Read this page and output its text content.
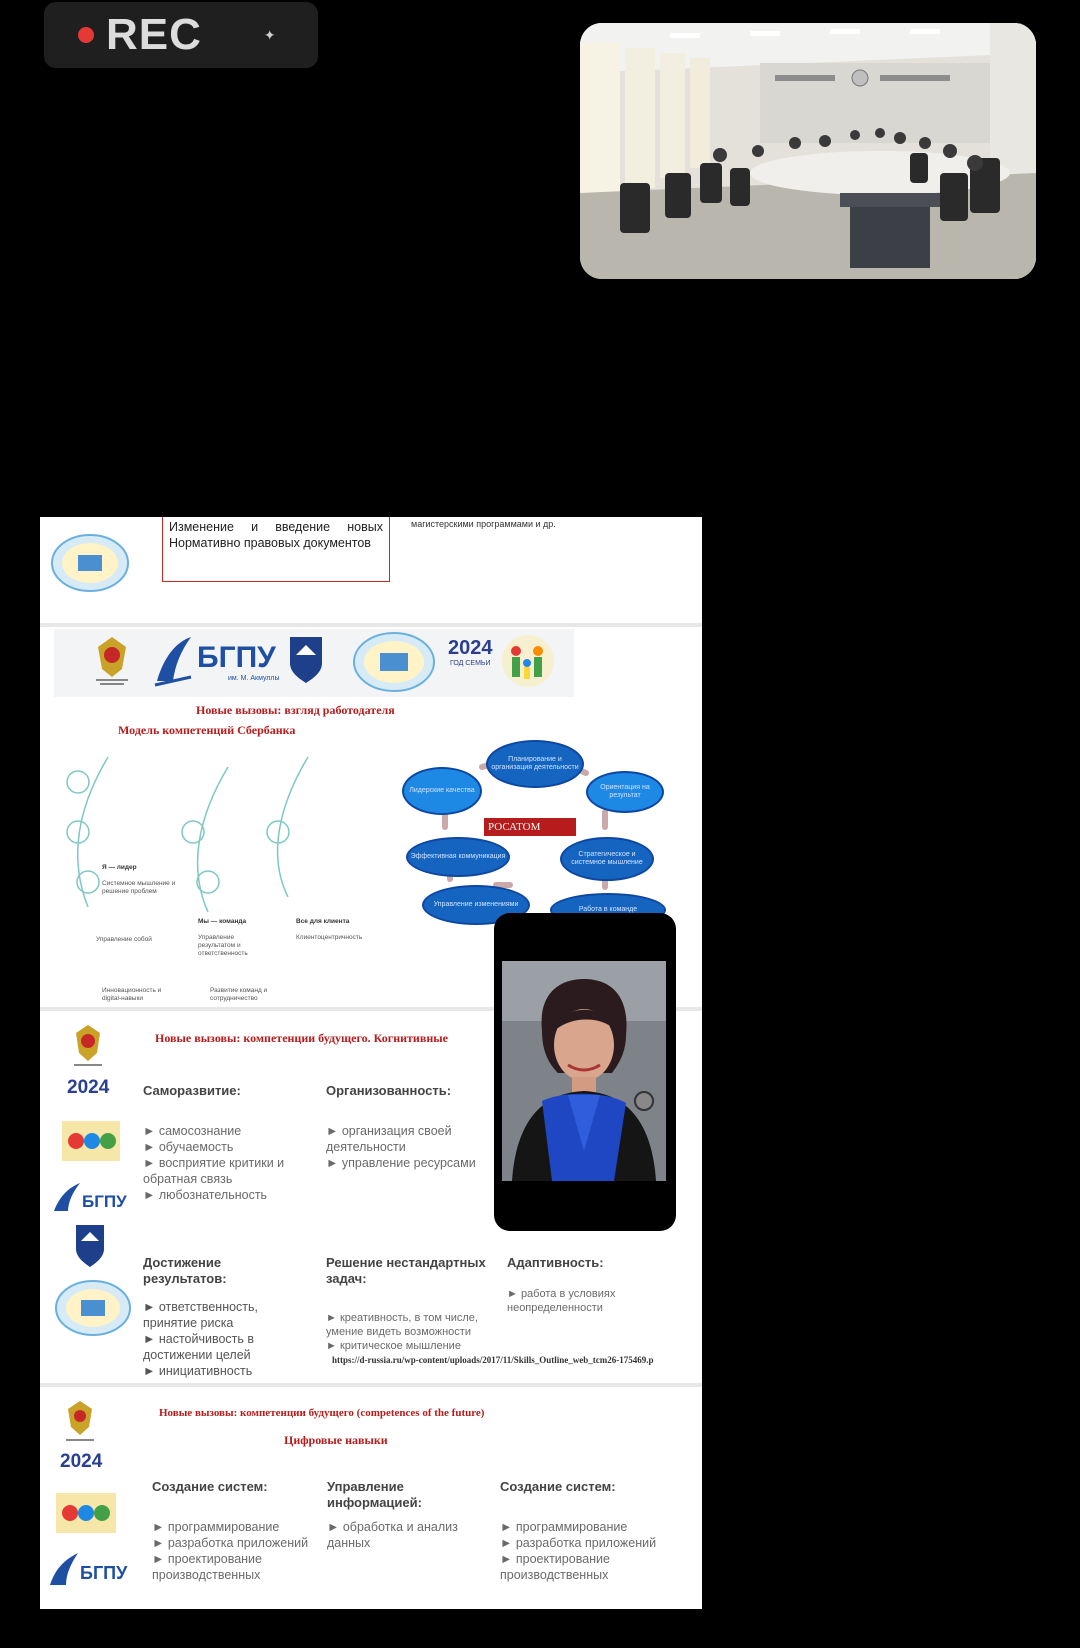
REC	✦
Изменение и введение новых Нормативно правовых документов
магистерскими программами и др.
БГПУ
им. М. Акмуллы
2024
ГОД СЕМЬИ
Новые вызовы: взгляд работодателя
Модель компетенций Сбербанка
Я — лидер
Системное мышление и решение проблем
Управление собой
Инновационность и digital-навыки
Мы — команда
Управление результатом и ответственность
Развитие команд и сотрудничество
Все для клиента
Клиентоцентричность
Планирование и организация деятельности
Ориентация на результат
Стратегическое и системное мышление
Работа в команде
Управление изменениями
Эффективная коммуникация
Лидерские качества
РОСАТОМ
2024
БГПУ
Новые вызовы: компетенции будущего. Когнитивные
Саморазвитие:
► самосознание
► обучаемость
► восприятие критики и обратная связь
► любознательность
Организованность:
► организация своей деятельности
► управление ресурсами
Достижение результатов:
► ответственность, принятие риска
► настойчивость в достижении целей
► инициативность
Решение нестандартных задач:
► креативность, в том числе, умение видеть возможности
► критическое мышление
Адаптивность:
► работа в условиях неопределенности
https://d-russia.ru/wp-content/uploads/2017/11/Skills_Outline_web_tcm26-175469.p
2024
БГПУ
Новые вызовы: компетенции будущего (competences of the future)
Цифровые навыки
Создание систем:
► программирование
► разработка приложений
► проектирование производственных
Управление информацией:
► обработка и анализ данных
Создание систем:
► программирование
► разработка приложений
► проектирование производственных
